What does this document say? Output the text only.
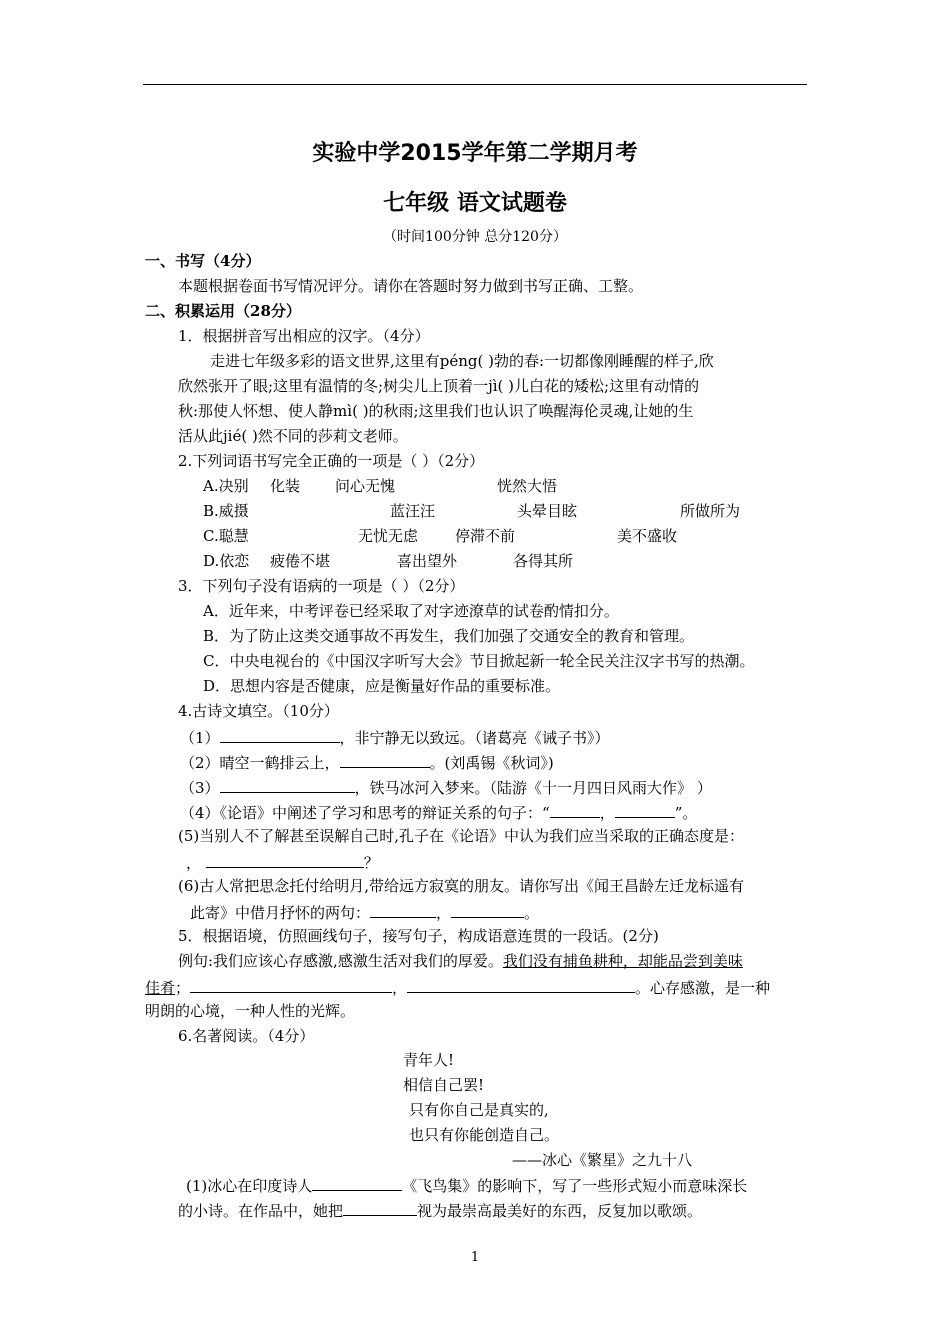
实验中学2015学年第二学期月考
七年级 语文试题卷
（时间100分钟 总分120分）
一、书写（4分）
本题根据卷面书写情况评分。请你在答题时努力做到书写正确、工整。
二、积累运用（28分）
1．根据拼音写出相应的汉字。（4分）
走进七年级多彩的语文世界,这里有péng( )勃的春:一切都像刚睡醒的样子,欣
欣然张开了眼;这里有温情的冬;树尖儿上顶着一jì( )儿白花的矮松;这里有动情的
秋:那使人怀想、使人静mì( )的秋雨;这里我们也认识了唤醒海伦灵魂,让她的生
活从此jié( )然不同的莎莉文老师。
2.下列词语书写完全正确的一项是（ ）（2分）
A.决别 化装 问心无愧	恍然大悟
B.威摄	蓝汪汪	头晕目眩	所做所为
C.聪慧	无忧无虑 停滞不前	美不盛收
D.依恋 疲倦不堪	喜出望外	各得其所
3．下列句子没有语病的一项是（ ）（2分）
A．近年来，中考评卷已经采取了对字迹潦草的试卷酌情扣分。
B．为了防止这类交通事故不再发生，我们加强了交通安全的教育和管理。
C．中央电视台的《中国汉字听写大会》节目掀起新一轮全民关注汉字书写的热潮。
D．思想内容是否健康，应是衡量好作品的重要标准。
4.古诗文填空。（10分）
（1）	，非宁静无以致远。（诸葛亮《诫子书》）
（2）晴空一鹤排云上，	。(刘禹锡《秋词》)
（3）	，铁马冰河入梦来。（陆游《十一月四日风雨大作》 ）
（4）《论语》中阐述了学习和思考的辩证关系的句子：“	，	”。
(5)当别人不了解甚至误解自己时,孔子在《论语》中认为我们应当采取的正确态度是：
，	？
(6)古人常把思念托付给明月,带给远方寂寞的朋友。请你写出《闻王昌龄左迁龙标遥有
此寄》中借月抒怀的两句：	，	。
5．根据语境，仿照画线句子，接写句子，构成语意连贯的一段话。(2分)
例句:我们应该心存感激,感激生活对我们的厚爱。我们没有捕鱼耕种，却能品尝到美味
佳肴；	，	。心存感激，是一种
明朗的心境，一种人性的光辉。
6.名著阅读。（4分）
青年人!
相信自己罢!
只有你自己是真实的,
也只有你能创造自己。
——冰心《繁星》之九十八
(1)冰心在印度诗人	《飞鸟集》的影响下，写了一些形式短小而意味深长
的小诗。在作品中，她把	视为最崇高最美好的东西，反复加以歌颂。
1
